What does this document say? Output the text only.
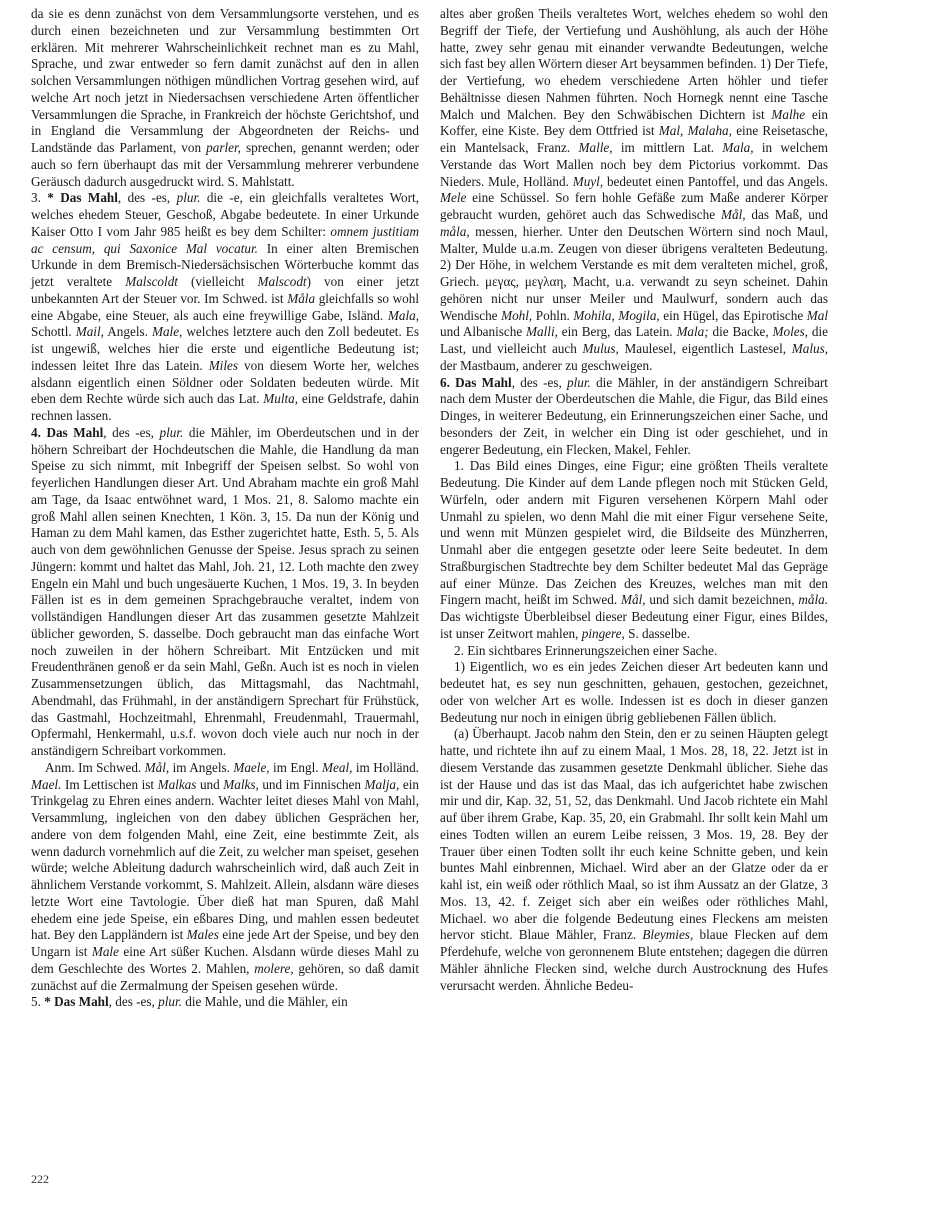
da sie es denn zunächst von dem Versammlungsorte verstehen, und es durch einen bezeichneten und zur Versammlung bestimmten Ort erklären. Mit mehrerer Wahrscheinlichkeit rechnet man es zu Mahl, Sprache, und zwar entweder so fern damit zunächst auf den in allen solchen Versammlungen nöthigen mündlichen Vortrag gesehen wird, auf welche Art noch jetzt in Niedersachsen verschiedene Arten öffentlicher Versammlungen die Sprache, in Frankreich der höchste Gerichtshof, und in England die Versammlung der Abgeordneten der Reichs- und Landstände das Parlament, von parler, sprechen, genannt werden; oder auch so fern überhaupt das mit der Versammlung mehrerer verbundene Geräusch dadurch ausgedruckt wird. S. Mahlstatt.

3. * Das Mahl, des -es, plur. die -e, ein gleichfalls veraltetes Wort, welches ehedem Steuer, Geschoß, Abgabe bedeutete. In einer Urkunde Kaiser Otto I vom Jahr 985 heißt es bey dem Schilter: omnem justitiam ac censum, qui Saxonice Mal vocatur. In einer alten Bremischen Urkunde in dem Bremisch-Niedersächsischen Wörterbuche kommt das jetzt veraltete Malscoldt (vielleicht Malscodt) von einer jetzt unbekannten Art der Steuer vor. Im Schwed. ist Måla gleichfalls so wohl eine Abgabe, eine Steuer, als auch eine freywillige Gabe, Isländ. Mala, Schottl. Mail, Angels. Male, welches letztere auch den Zoll bedeutet. Es ist ungewiß, welches hier die erste und eigentliche Bedeutung ist; indessen leitet Ihre das Latein. Miles von diesem Worte her, welches alsdann eigentlich einen Söldner oder Soldaten bedeuten würde. Mit eben dem Rechte würde sich auch das Lat. Multa, eine Geldstrafe, dahin rechnen lassen.

4. Das Mahl, des -es, plur. die Mähler, im Oberdeutschen und in der höhern Schreibart der Hochdeutschen die Mahle, die Handlung da man Speise zu sich nimmt, mit Inbegriff der Speisen selbst. So wohl von feyerlichen Handlungen dieser Art. Und Abraham machte ein groß Mahl am Tage, da Isaac entwöhnet ward, 1 Mos. 21, 8. Salomo machte ein groß Mahl allen seinen Knechten, 1 Kön. 3, 15. Da nun der König und Haman zu dem Mahl kamen, das Esther zugerichtet hatte, Esth. 5, 5. Als auch von dem gewöhnlichen Genusse der Speise. Jesus sprach zu seinen Jüngern: kommt und haltet das Mahl, Joh. 21, 12. Loth machte den zwey Engeln ein Mahl und buch ungesäuerte Kuchen, 1 Mos. 19, 3. In beyden Fällen ist es in dem gemeinen Sprachgebrauche veraltet, indem von vollständigen Handlungen dieser Art das zusammen gesetzte Mahlzeit üblicher geworden, S. dasselbe. Doch gebraucht man das einfache Wort noch zuweilen in der höhern Schreibart. Mit Entzücken und mit Freudenthränen genoß er da sein Mahl, Geßn. Auch ist es noch in vielen Zusammensetzungen üblich, das Mittagsmahl, das Nachtmahl, Abendmahl, das Frühmahl, in der anständigern Sprechart für Frühstück, das Gastmahl, Hochzeitmahl, Ehrenmahl, Freudenmahl, Trauermahl, Opfermahl, Henkermahl, u.s.f. wovon doch viele auch nur noch in der anständigern Schreibart vorkommen.

Anm. Im Schwed. Mål, im Angels. Maele, im Engl. Meal, im Holländ. Mael. Im Lettischen ist Malkas und Malks, und im Finnischen Malja, ein Trinkgelag zu Ehren eines andern. Wachter leitet dieses Mahl von Mahl, Versammlung, ingleichen von den dabey üblichen Gesprächen her, andere von dem folgenden Mahl, eine Zeit, eine bestimmte Zeit, als wenn dadurch vornehmlich auf die Zeit, zu welcher man speiset, gesehen würde; welche Ableitung dadurch wahrscheinlich wird, daß auch Zeit in ähnlichem Verstande vorkommt, S. Mahlzeit. Allein, alsdann wäre dieses letzte Wort eine Tavtologie. Über dieß hat man Spuren, daß Mahl ehedem eine jede Speise, ein eßbares Ding, und mahlen essen bedeutet hat. Bey den Lappländern ist Males eine jede Art der Speise, und bey den Ungarn ist Male eine Art süßer Kuchen. Alsdann würde dieses Mahl zu dem Geschlechte des Wortes 2. Mahlen, molere, gehören, so daß damit zunächst auf die Zermalmung der Speisen gesehen würde.

5. * Das Mahl, des -es, plur. die Mahle, und die Mähler, ein

altes aber großen Theils veraltetes Wort, welches ehedem so wohl den Begriff der Tiefe, der Vertiefung und Aushöhlung, als auch der Höhe hatte, zwey sehr genau mit einander verwandte Bedeutungen, welche sich fast bey allen Wörtern dieser Art beysammen befinden. 1) Der Tiefe, der Vertiefung, wo ehedem verschiedene Arten höhler und tiefer Behältnisse diesen Nahmen führten. Noch Hornegk nennt eine Tasche Malch und Malchen. Bey den Schwäbischen Dichtern ist Malhe ein Koffer, eine Kiste. Bey dem Ottfried ist Mal, Malaha, eine Reisetasche, ein Mantelsack, Franz. Malle, im mittlern Lat. Mala, in welchem Verstande das Wort Mallen noch bey dem Pictorius vorkommt. Das Nieders. Mule, Holländ. Muyl, bedeutet einen Pantoffel, und das Angels. Mele eine Schüssel. So fern hohle Gefäße zum Maße anderer Körper gebraucht wurden, gehöret auch das Schwedische Mål, das Maß, und måla, messen, hierher. Unter den Deutschen Wörtern sind noch Maul, Malter, Mulde u.a.m. Zeugen von dieser übrigens veralteten Bedeutung. 2) Der Höhe, in welchem Verstande es mit dem veralteten michel, groß, Griech. μεγας, μεγλαη, Macht, u.a. verwandt zu seyn scheinet. Dahin gehören nicht nur unser Meiler und Maulwurf, sondern auch das Wendische Mohl, Pohln. Mohila, Mogila, ein Hügel, das Epirotische Mal und Albanische Malli, ein Berg, das Latein. Mala; die Backe, Moles, die Last, und vielleicht auch Mulus, Maulesel, eigentlich Lastesel, Malus, der Mastbaum, anderer zu geschweigen.

6. Das Mahl, des -es, plur. die Mähler, in der anständigern Schreibart nach dem Muster der Oberdeutschen die Mahle, die Figur, das Bild eines Dinges, in weiterer Bedeutung, ein Erinnerungszeichen einer Sache, und besonders der Zeit, in welcher ein Ding ist oder geschiehet, und in engerer Bedeutung, ein Flecken, Makel, Fehler.

1. Das Bild eines Dinges, eine Figur; eine größten Theils veraltete Bedeutung. Die Kinder auf dem Lande pflegen noch mit Stücken Geld, Würfeln, oder andern mit Figuren versehenen Körpern Mahl oder Unmahl zu spielen, wo denn Mahl die mit einer Figur versehene Seite, und wenn mit Münzen gespielet wird, die Bildseite des Münzherren, Unmahl aber die entgegen gesetzte oder leere Seite bedeutet. In dem Straßburgischen Stadtrechte bey dem Schilter bedeutet Mal das Gepräge auf einer Münze. Das Zeichen des Kreuzes, welches man mit den Fingern macht, heißt im Schwed. Mål, und sich damit bezeichnen, måla. Das wichtigste Überbleibsel dieser Bedeutung einer Figur, eines Bildes, ist unser Zeitwort mahlen, pingere, S. dasselbe.

2. Ein sichtbares Erinnerungszeichen einer Sache.

1) Eigentlich, wo es ein jedes Zeichen dieser Art bedeuten kann und bedeutet hat, es sey nun geschnitten, gehauen, gestochen, gezeichnet, oder von welcher Art es wolle. Indessen ist es doch in dieser ganzen Bedeutung nur noch in einigen übrig gebliebenen Fällen üblich.

(a) Überhaupt. Jacob nahm den Stein, den er zu seinen Häupten gelegt hatte, und richtete ihn auf zu einem Maal, 1 Mos. 28, 18, 22. Jetzt ist in diesem Verstande das zusammen gesetzte Denkmahl üblicher. Siehe das ist der Hause und das ist das Maal, das ich aufgerichtet habe zwischen mir und dir, Kap. 32, 51, 52, das Denkmahl. Und Jacob richtete ein Mahl auf über ihrem Grabe, Kap. 35, 20, ein Grabmahl. Ihr sollt kein Mahl um eines Todten willen an eurem Leibe reissen, 3 Mos. 19, 28. Bey der Trauer über einen Todten sollt ihr euch keine Schnitte geben, und kein buntes Mahl einbrennen, Michael. Wird aber an der Glatze oder da er kahl ist, ein weiß oder röthlich Maal, so ist ihm Aussatz an der Glatze, 3 Mos. 13, 42. f. Zeiget sich aber ein weißes oder röthliches Mahl, Michael. wo aber die folgende Bedeutung eines Fleckens am meisten hervor sticht. Blaue Mähler, Franz. Bleymies, blaue Flecken auf dem Pferdehufe, welche von geronnenem Blute entstehen; dagegen die dürren Mähler ähnliche Flecken sind, welche durch Austrocknung des Hufes verursacht werden. Ähnliche Bedeu-

222
